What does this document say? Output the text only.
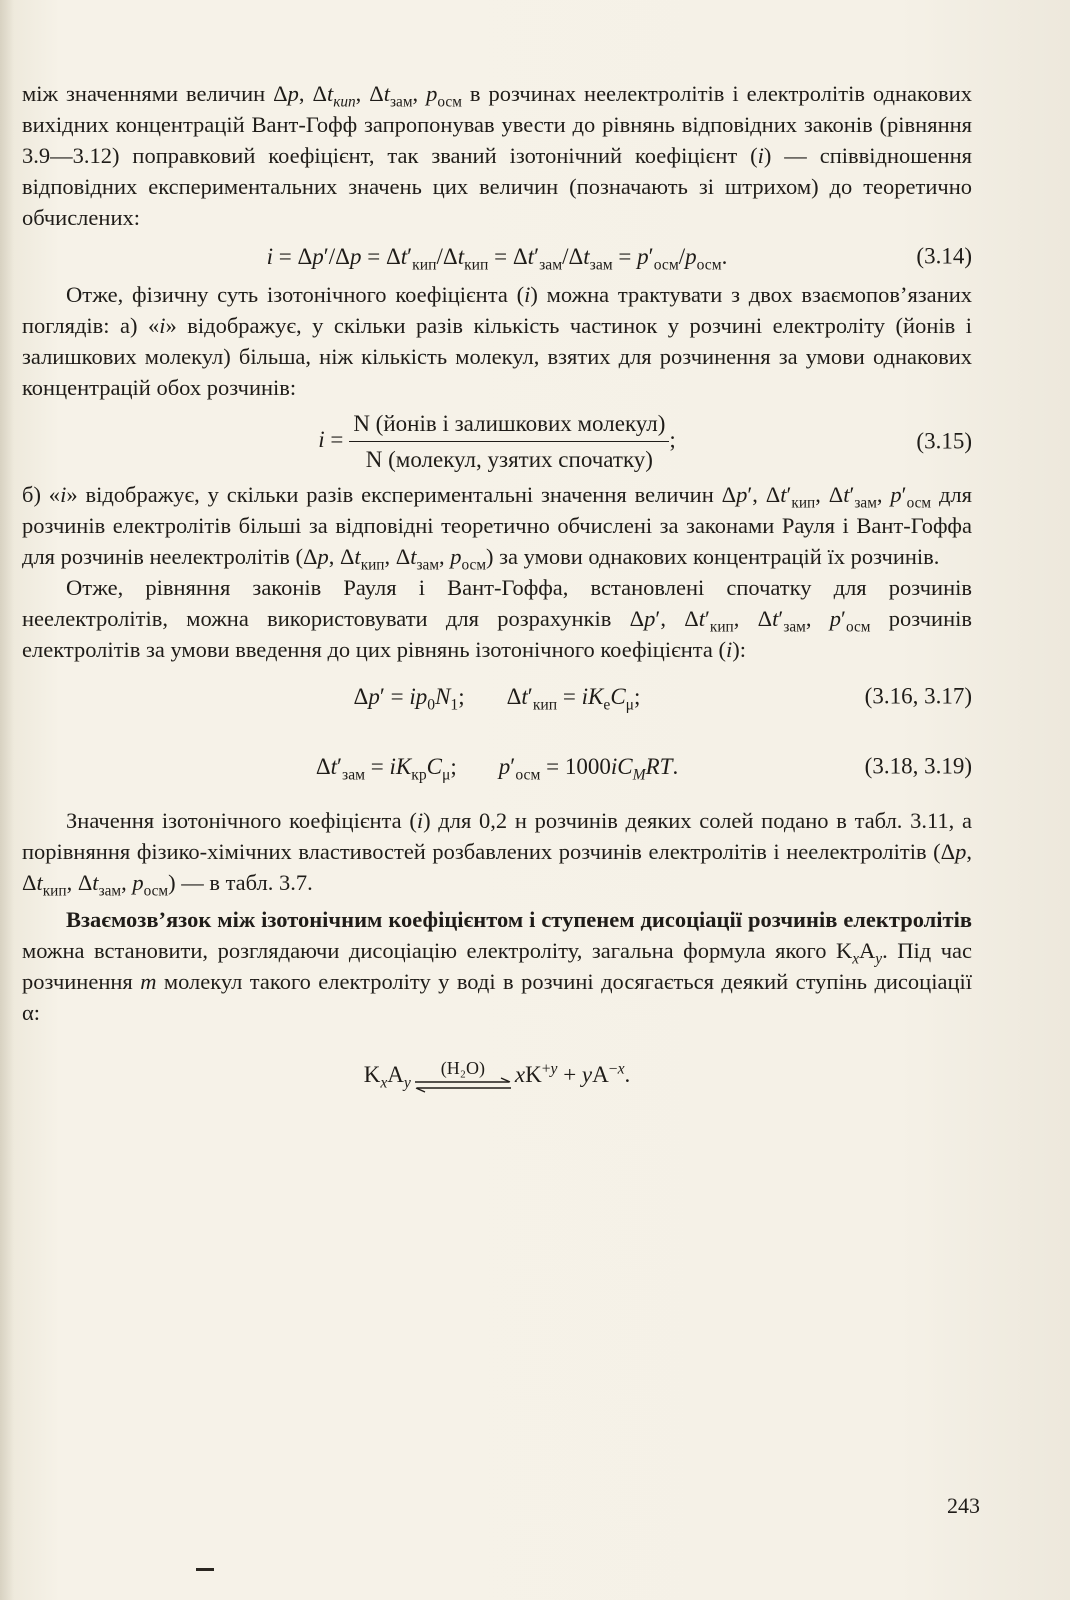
між значеннями величин Δp, $\Delta t_{кип}$, $\Delta t_{зам}$, $p_{осм}$ в розчинах неелектролітів і електролітів однакових вихідних концентрацій Вант-Гофф запропонував увести до рівнянь відповідних законів (рівняння 3.9—3.12) поправковий коефіцієнт, так званий ізотонічний коефіцієнт (i) — співвідношення відповідних експериментальних значень цих величин (позначають зі штрихом) до теоретично обчислених:

$i = \Delta p'/\Delta p = \Delta t'_{кип}/\Delta t_{кип} = \Delta t'_{зам}/\Delta t_{зам} = p'_{осм}/p_{осм}$.	(3.14)

Отже, фізичну суть ізотонічного коефіцієнта (i) можна трактувати з двох взаємопов’язаних поглядів: а) «i» відображує, у скільки разів кількість частинок у розчині електроліту (йонів і залишкових молекул) більша, ніж кількість молекул, взятих для розчинення за умови однакових концентрацій обох розчинів:

$i = \frac{\text{N (йонів і залишкових молекул)}}{\text{N (молекул, узятих спочатку)}}$ ;	(3.15)

б) «i» відображує, у скільки разів експериментальні значення величин Δp′, $\Delta t'_{кип}$, $\Delta t'_{зам}$, $p'_{осм}$ для розчинів електролітів більші за відповідні теоретично обчислені за законами Рауля і Вант-Гоффа для розчинів неелектролітів (Δp, $\Delta t_{кип}$, $\Delta t_{зам}$, $p_{осм}$) за умови однакових концентрацій їх розчинів.

Отже, рівняння законів Рауля і Вант-Гоффа, встановлені спочатку для розчинів неелектролітів, можна використовувати для розрахунків Δp′, $\Delta t'_{кип}$, $\Delta t'_{зам}$, $p'_{осм}$ розчинів електролітів за умови введення до цих рівнянь ізотонічного коефіцієнта (i):

$\Delta p' = ip_0N_1$; $\Delta t'_{кип} = iK_еC_\mu$;	(3.16, 3.17)
$\Delta t'_{зам} = iK_{кр}C_\mu$; $p'_{осм} = 1000iC_MRT$.	(3.18, 3.19)

Значення ізотонічного коефіцієнта (i) для 0,2 н розчинів деяких солей подано в табл. 3.11, а порівняння фізико-хімічних властивостей розбавлених розчинів електролітів і неелектролітів (Δp, $\Delta t_{кип}$, $\Delta t_{зам}$, $p_{осм}$) — в табл. 3.7.

Взаємозв’язок між ізотонічним коефіцієнтом і ступенем дисоціації розчинів електролітів можна встановити, розглядаючи дисоціацію електроліту, загальна формула якого $K_xA_y$. Під час розчинення m молекул такого електроліту у воді в розчині досягається деякий ступінь дисоціації α:

$K_xA_y$
(H₂O) $xK^{+y} + yA^{-x}$.
243
